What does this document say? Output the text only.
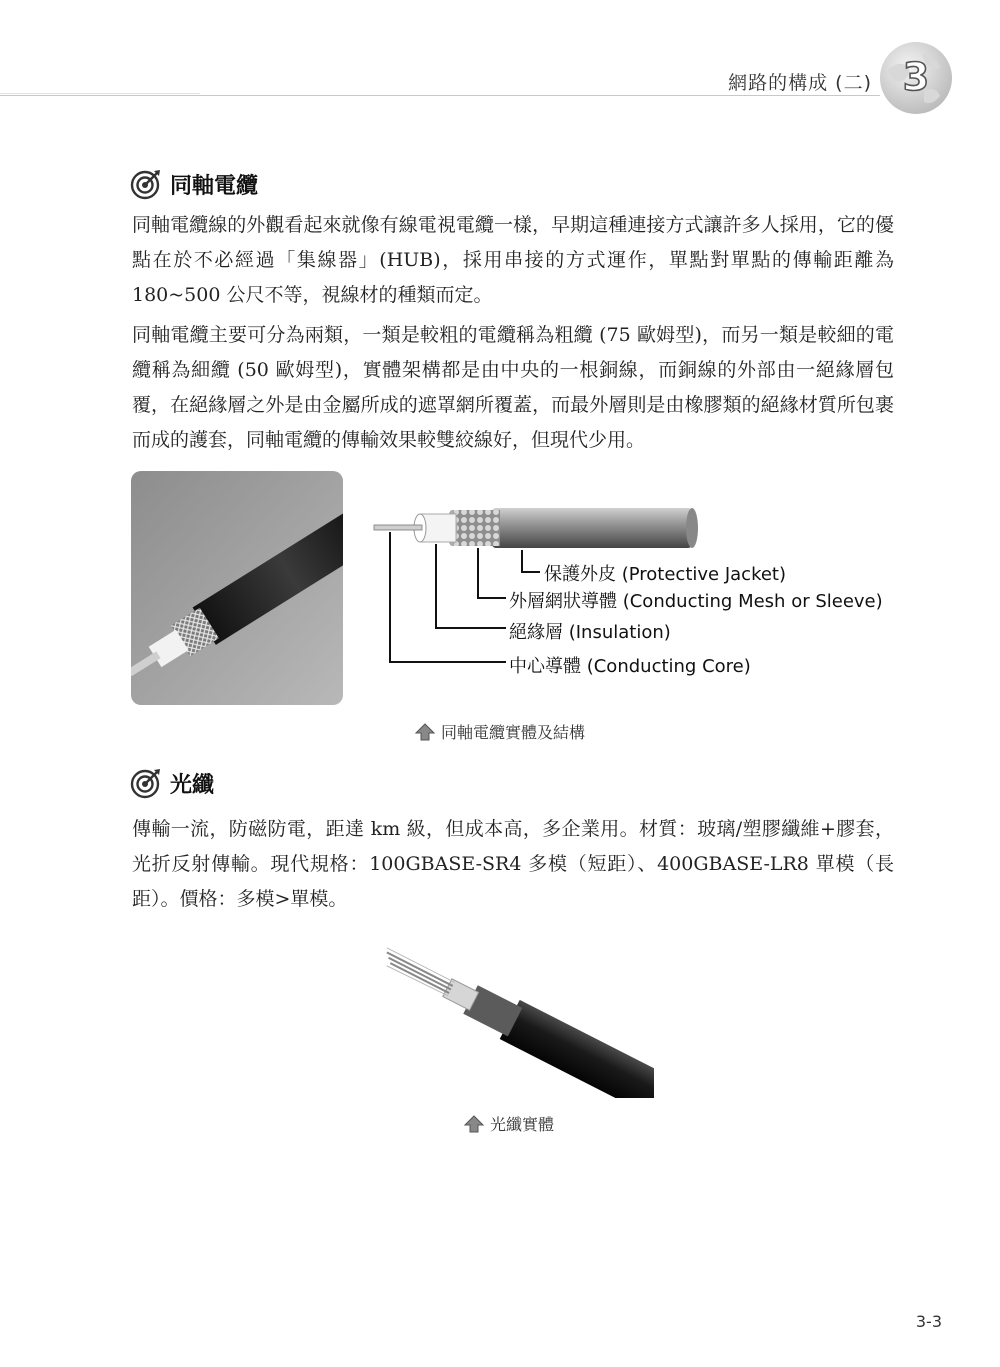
網路的構成 (二) 3
同軸電纜

同軸電纜線的外觀看起來就像有線電視電纜一樣，早期這種連接方式讓許多人採用，它的優點在於不必經過「集線器」(HUB)，採用串接的方式運作，單點對單點的傳輸距離為 180~500 公尺不等，視線材的種類而定。

同軸電纜主要可分為兩類，一類是較粗的電纜稱為粗纜 (75 歐姆型)，而另一類是較細的電纜稱為細纜 (50 歐姆型)，實體架構都是由中央的一根銅線，而銅線的外部由一絕緣層包覆，在絕緣層之外是由金屬所成的遮罩網所覆蓋，而最外層則是由橡膠類的絕緣材質所包裹而成的護套，同軸電纜的傳輸效果較雙絞線好，但現代少用。

保護外皮 (Protective Jacket)
外層網狀導體 (Conducting Mesh or Sleeve)
絕緣層 (Insulation)
中心導體 (Conducting Core)
同軸電纜實體及結構
光纖

傳輸一流，防磁防電，距達 km 級，但成本高，多企業用。材質：玻璃/塑膠纖維+膠套，光折反射傳輸。現代規格：100GBASE-SR4 多模（短距）、400GBASE-LR8 單模（長距）。價格：多模>單模。

光纖實體
3-3
